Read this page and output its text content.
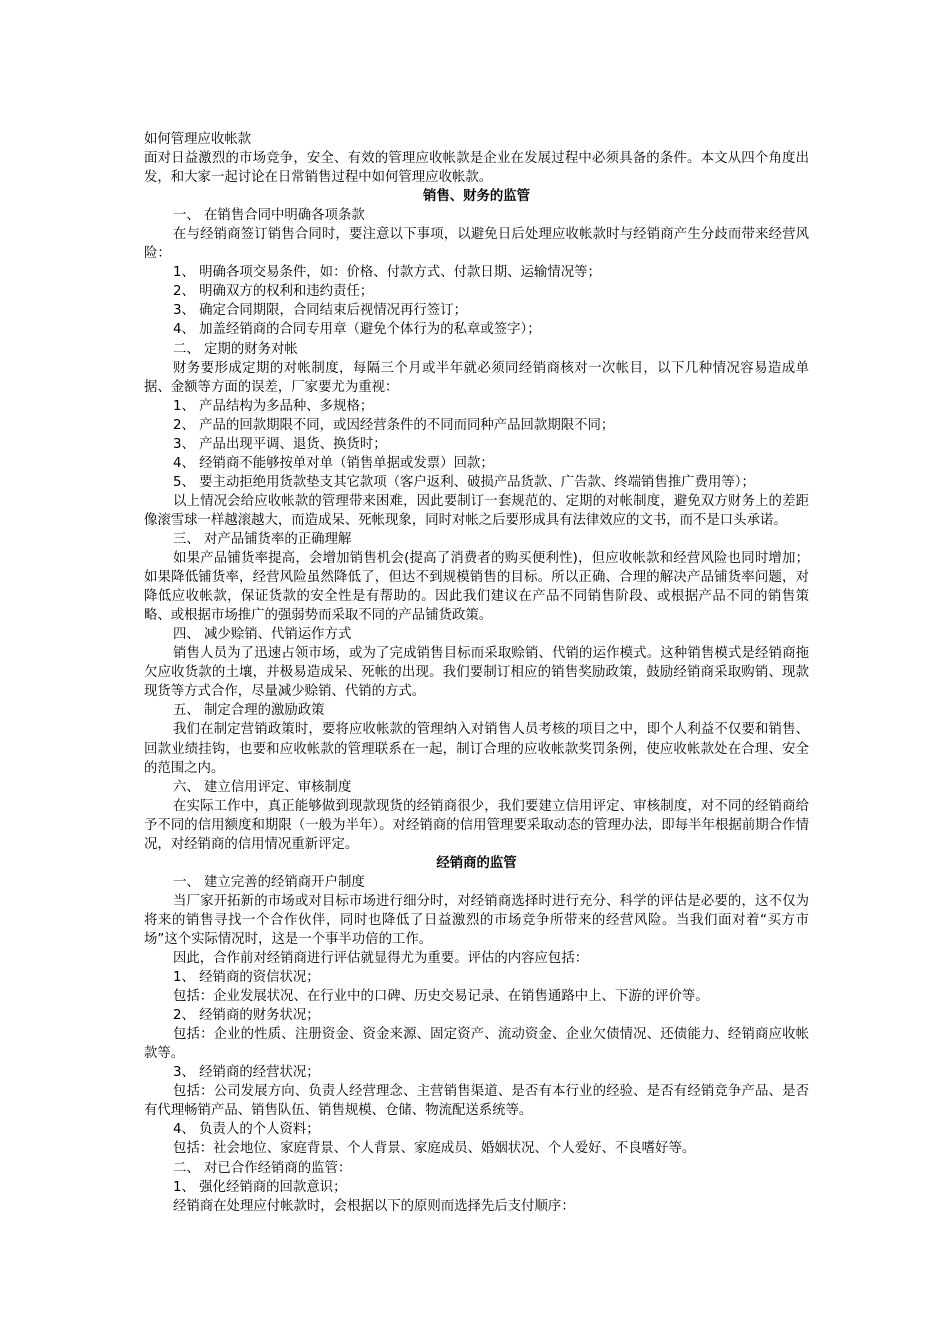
如何管理应收帐款

面对日益激烈的市场竞争，安全、有效的管理应收帐款是企业在发展过程中必须具备的条件。本文从四个角度出发，和大家一起讨论在日常销售过程中如何管理应收帐款。

销售、财务的监管
一、 在销售合同中明确各项条款

在与经销商签订销售合同时，要注意以下事项，以避免日后处理应收帐款时与经销商产生分歧而带来经营风险：

1、 明确各项交易条件，如：价格、付款方式、付款日期、运输情况等；
2、 明确双方的权利和违约责任；
3、 确定合同期限，合同结束后视情况再行签订；
4、 加盖经销商的合同专用章（避免个体行为的私章或签字）；
二、 定期的财务对帐

财务要形成定期的对帐制度，每隔三个月或半年就必须同经销商核对一次帐目，以下几种情况容易造成单据、金额等方面的误差，厂家要尤为重视：

1、 产品结构为多品种、多规格；
2、 产品的回款期限不同，或因经营条件的不同而同种产品回款期限不同；
3、 产品出现平调、退货、换货时；
4、 经销商不能够按单对单（销售单据或发票）回款；
5、 要主动拒绝用货款垫支其它款项（客户返利、破损产品货款、广告款、终端销售推广费用等）；

以上情况会给应收帐款的管理带来困难，因此要制订一套规范的、定期的对帐制度，避免双方财务上的差距像滚雪球一样越滚越大，而造成呆、死帐现象，同时对帐之后要形成具有法律效应的文书，而不是口头承诺。

三、 对产品铺货率的正确理解

如果产品铺货率提高，会增加销售机会(提高了消费者的购买便利性)，但应收帐款和经营风险也同时增加；如果降低铺货率，经营风险虽然降低了，但达不到规模销售的目标。所以正确、合理的解决产品铺货率问题，对降低应收帐款，保证货款的安全性是有帮助的。因此我们建议在产品不同销售阶段、或根据产品不同的销售策略、或根据市场推广的强弱势而采取不同的产品铺货政策。

四、 减少赊销、代销运作方式

销售人员为了迅速占领市场，或为了完成销售目标而采取赊销、代销的运作模式。这种销售模式是经销商拖欠应收货款的土壤，并极易造成呆、死帐的出现。我们要制订相应的销售奖励政策，鼓励经销商采取购销、现款现货等方式合作，尽量减少赊销、代销的方式。

五、 制定合理的激励政策

我们在制定营销政策时，要将应收帐款的管理纳入对销售人员考核的项目之中，即个人利益不仅要和销售、回款业绩挂钩，也要和应收帐款的管理联系在一起，制订合理的应收帐款奖罚条例，使应收帐款处在合理、安全的范围之内。

六、 建立信用评定、审核制度

在实际工作中，真正能够做到现款现货的经销商很少，我们要建立信用评定、审核制度，对不同的经销商给予不同的信用额度和期限（一般为半年）。对经销商的信用管理要采取动态的管理办法，即每半年根据前期合作情况，对经销商的信用情况重新评定。

经销商的监管
一、 建立完善的经销商开户制度

当厂家开拓新的市场或对目标市场进行细分时，对经销商选择时进行充分、科学的评估是必要的，这不仅为将来的销售寻找一个合作伙伴，同时也降低了日益激烈的市场竞争所带来的经营风险。当我们面对着“买方市场”这个实际情况时，这是一个事半功倍的工作。

因此，合作前对经销商进行评估就显得尤为重要。评估的内容应包括：

1、 经销商的资信状况；

包括：企业发展状况、在行业中的口碑、历史交易记录、在销售通路中上、下游的评价等。

2、 经销商的财务状况；

包括：企业的性质、注册资金、资金来源、固定资产、流动资金、企业欠债情况、还债能力、经销商应收帐款等。

3、 经销商的经营状况；

包括：公司发展方向、负责人经营理念、主营销售渠道、是否有本行业的经验、是否有经销竞争产品、是否有代理畅销产品、销售队伍、销售规模、仓储、物流配送系统等。

4、 负责人的个人资料；

包括：社会地位、家庭背景、个人背景、家庭成员、婚姻状况、个人爱好、不良嗜好等。

二、 对已合作经销商的监管：
1、 强化经销商的回款意识；

经销商在处理应付帐款时，会根据以下的原则而选择先后支付顺序：
